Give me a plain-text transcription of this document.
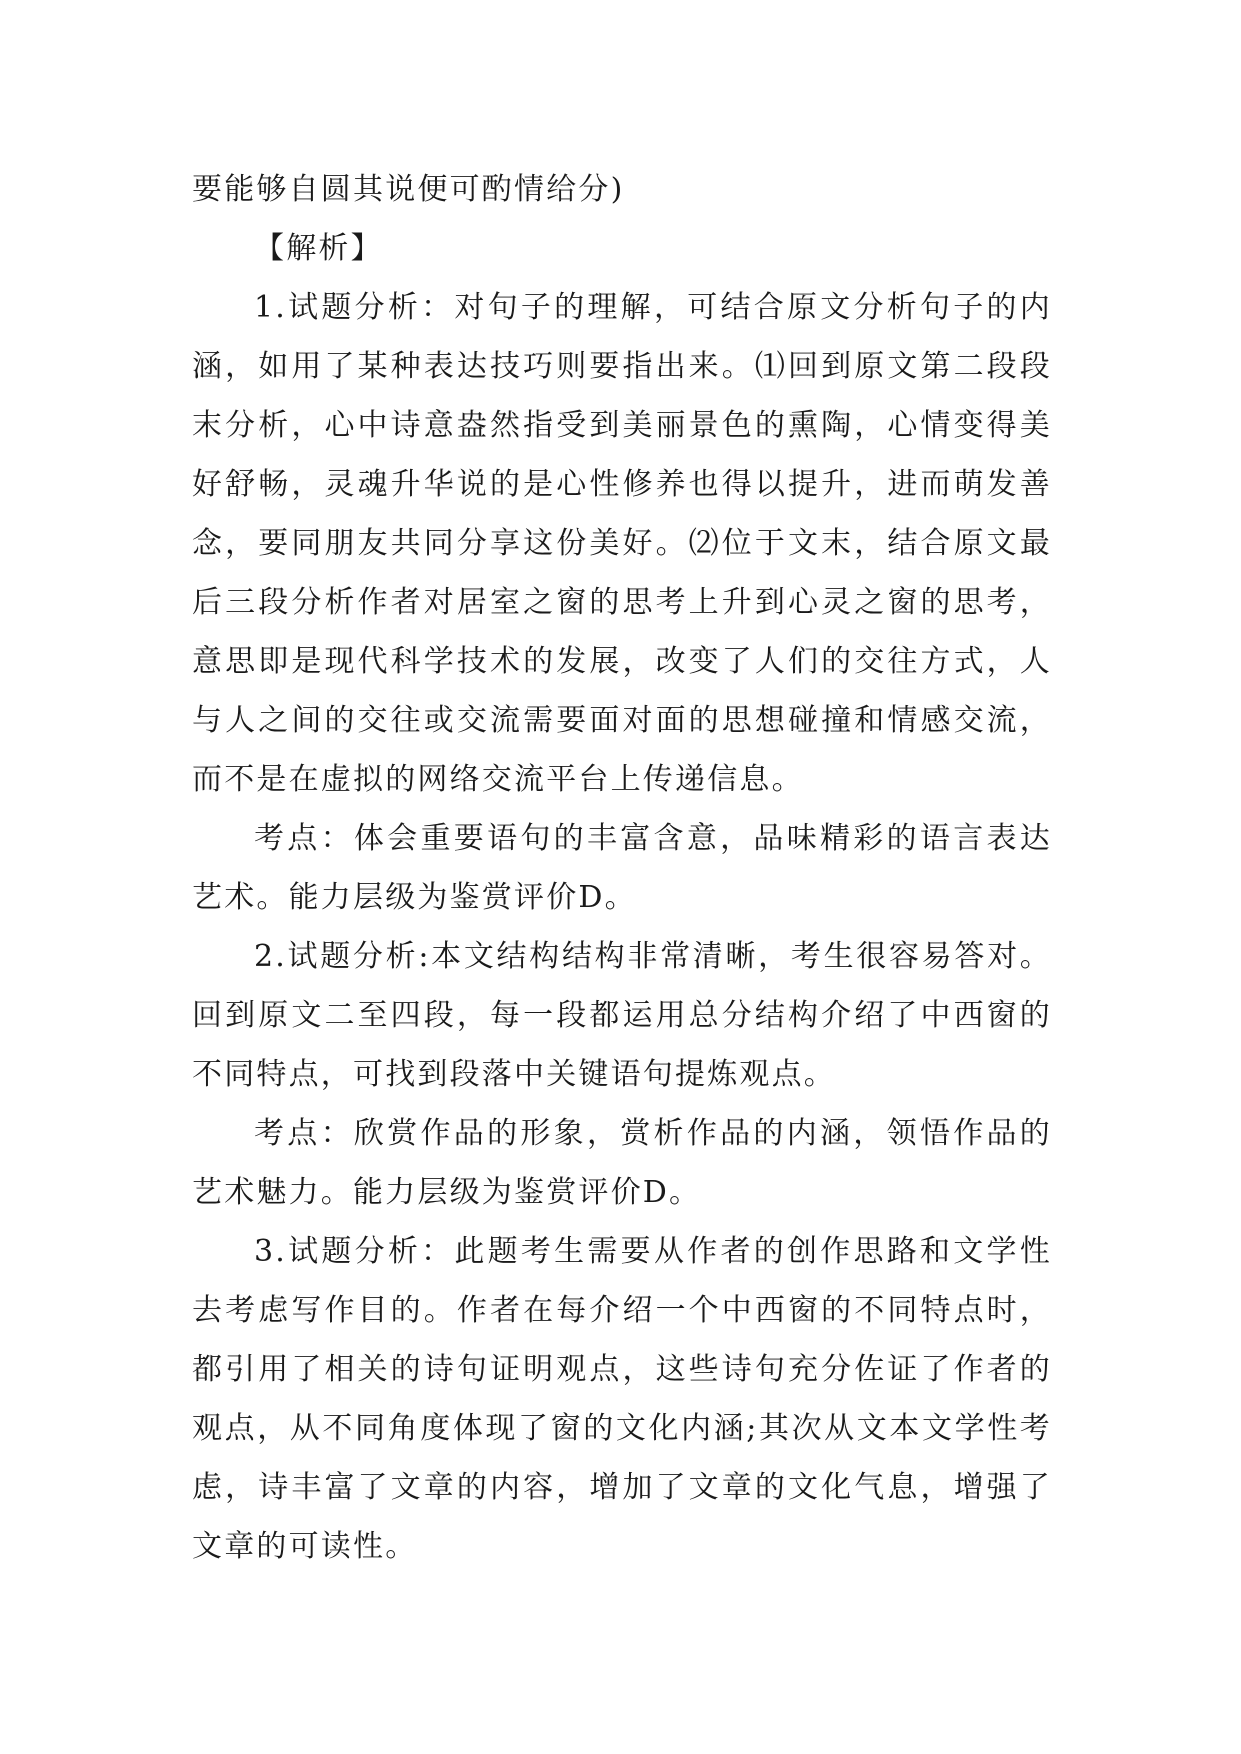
要能够自圆其说便可酌情给分)

【解析】

1.试题分析：对句子的理解，可结合原文分析句子的内涵，如用了某种表达技巧则要指出来。⑴回到原文第二段段末分析，心中诗意盎然指受到美丽景色的熏陶，心情变得美好舒畅，灵魂升华说的是心性修养也得以提升，进而萌发善念，要同朋友共同分享这份美好。⑵位于文末，结合原文最后三段分析作者对居室之窗的思考上升到心灵之窗的思考，意思即是现代科学技术的发展，改变了人们的交往方式，人与人之间的交往或交流需要面对面的思想碰撞和情感交流，而不是在虚拟的网络交流平台上传递信息。

考点：体会重要语句的丰富含意，品味精彩的语言表达艺术。能力层级为鉴赏评价D。

2.试题分析:本文结构结构非常清晰，考生很容易答对。回到原文二至四段，每一段都运用总分结构介绍了中西窗的不同特点，可找到段落中关键语句提炼观点。

考点：欣赏作品的形象，赏析作品的内涵，领悟作品的艺术魅力。能力层级为鉴赏评价D。

3.试题分析：此题考生需要从作者的创作思路和文学性去考虑写作目的。作者在每介绍一个中西窗的不同特点时，都引用了相关的诗句证明观点，这些诗句充分佐证了作者的观点，从不同角度体现了窗的文化内涵;其次从文本文学性考虑，诗丰富了文章的内容，增加了文章的文化气息，增强了文章的可读性。
